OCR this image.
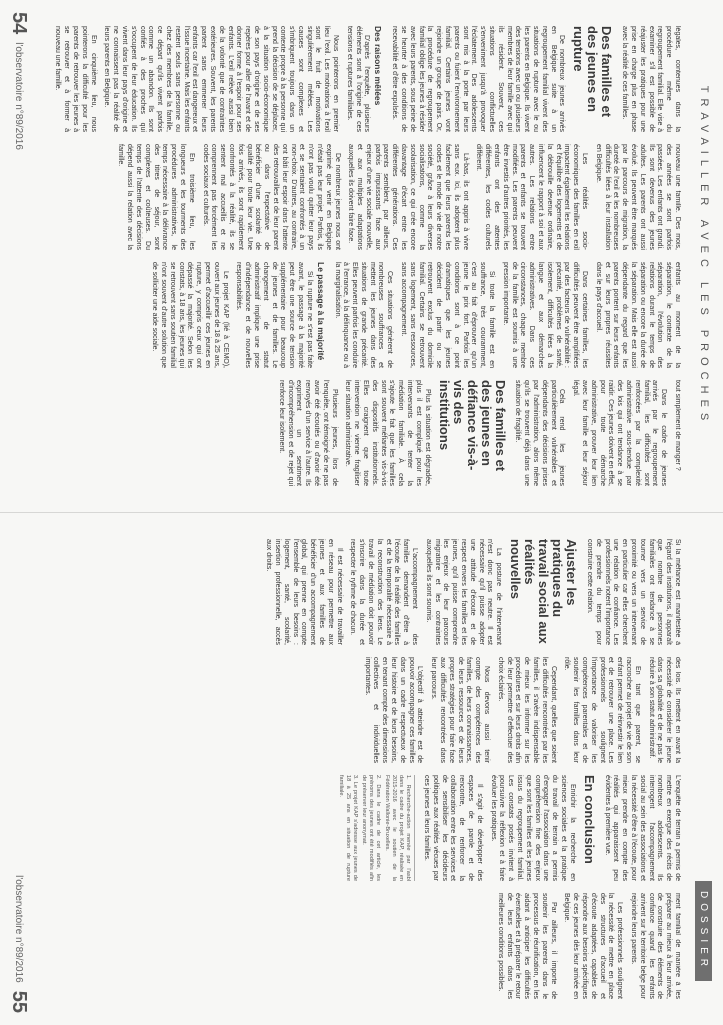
TRAVAILLER AVEC LES PROCHES

légales, contenues dans la procédure même du regroupement familial. Elle vise à examiner s'il est possible de réajuster les pratiques pour une prise en charge plus en phase avec la réalité de ces familles.

Des familles et des jeunes en rupture

De nombreux jeunes arrivés en Belgique suite à un regroupement familial vivent des situations de rupture avec le ou les parents en Belgique. Ils vivent des tensions avec un ou plusieurs membres de leur famille avec qui ils résident. Souvent, ces situations conflictuelles s'enveniment jusqu'à provoquer l'éclatement. Des adolescents sont mis à la porte par leurs parents ou fuient l'environnement familial. Certains jeunes vont rejoindre un groupe de pairs. Or, la procédure de regroupement familial oblige les jeunes à résider avec leurs parents, sous peine de se heurter à des conditions de recevabilité et d'être expulsés.

Des raisons mêlées

D'après l'enquête, plusieurs éléments sont à l'origine de ces tensions et ruptures familiales.

Nous pointerons en premier lieu l'exil. Les motivations à l'exil sont le fruit de motivations singulièrement mêlées. Les causes sont complexes et s'imbriquent toujours dans un contexte propre à la personne qui prend la décision de se déplacer, à la situation socio-économique de son pays d'origine et de ses repères pour aller de l'avant et de donner forme à l'espoir pour ses enfants. L'exil relève aussi bien de la volonté que de contraintes extérieures. Souvent, les parents partent sans emmener leurs enfants car l'exil est dangereux et l'issue incertaine. Mais les enfants restent seuls sans personne ou chez des membres de la famille, ce départ qu'ils vivent parfois comme un abandon. Ils sont confiés à des proches qui s'occupent de leur éducation. Ils vivent dans leur pays d'origine et ne connaissent pas la réalité de leurs parents en Belgique.

En cinquième lieu, nous pointerons la difficulté pour les parents de retrouver les jeunes à se retrouver et à former à nouveau une famille.

nouveau une famille. Des mois, des années se sont parfois passées. Les enfants ont grandi. Ils sont devenus des jeunes adultes. Les parents ont aussi évolué. Ils peuvent être marqués par le parcours de migration, la dureté de l'exil et les nombreuses difficultés liées à leur installation en Belgique.

Les réalités socio-économiques des familles en exil impactent également les relations et l'équilibre des logements et de la débrouille devenue ordinaire, influencent le rapport à soi et aux autres. Les relations entre parents et enfants se trouvent modifiées. Les parents peuvent être investis d'autres priorités, les enfants ont des attentes différentes, les codes culturels diffèrent.

Là-bas, ils ont appris à vivre sans eux. Ici, ils adoptent plus facilement que leurs parents les codes et le mode de vie de notre société, grâce à leurs diverses socialisations, comme la scolarisation, ce qui crée encore davantage d'écart entre les différentes générations. Ces parents semblent, par ailleurs, parfois impuissants face aux enjeux d'une vie sociale nouvelle, et aux multiples adaptations auxquelles ils doivent faire face.

De nombreux jeunes nous ont exprimé que venir en Belgique n'était pas leur projet. Parfois, ils n'ont pas voulu quitter leur pays et se sentaient confrontés à un non-choix. D'autres, au contraire, ont bâti leur espoir dans l'attente des retrouvailles et de leur parent ou dans l'expectative de bénéficier d'une scolarité de qualité pour toute leur vie. Une fois arrivés, ils sont rapidement confrontés à la réalité, ils se sentent mal accueillis et ne comprennent pas forcément les codes sociaux et culturels.

En troisième lieu, les longueurs et les tourments des procédures administratives, le temps nécessaire à la délivrance des titres de séjour, sont complexes et coûteuses. Du temps de l'attente des décisions dépend aussi la relation avec la famille.

enfants au moment de la séparation, le contexte de la séparation, l'évolution des relations durant le temps de séparation ou encore la durée de la séparation. Mais elle est aussi dépendante du regard que les parents portent sur leurs enfants et sur leurs propres réussites dans le pays d'accueil.

Dans certaines familles, les difficultés peuvent être amplifiées par des facteurs de vulnérabilité : précarité, problèmes de santé, isolement, difficultés liées à la langue et aux démarches administratives. Dans ces circonstances, chaque membre de la famille est soumis à une pression importante.

Si toute la famille est en souffrance, très couramment, c'est au fait d'éprouver qu'un jeune le prix fort. Parfois les conditions sont à ce point dramatiques que les jeunes décident de partir ou se retrouvent exclus du domicile familial. Certains se retrouvent sans logement, sans ressources, sans accompagnement.

Ces situations génèrent de nombreuses souffrances et mettent les jeunes dans des situations de grande précarité. Elles peuvent parfois les conduire à l'errance, à la délinquance ou à la marginalisation.

Le passage à la majorité

Si la rupture ne s'est pas faite avant, le passage à la majorité peut être une source de tension supplémentaire pour beaucoup de jeunes et de familles. Le changement de statut administratif implique une prise d'indépendance et de nouvelles responsabilités.

Le projet KAP (lié à CEMO), ouvert aux jeunes de 18 à 25 ans, permet d'accueillir ces jeunes en rupture, y compris ceux qui ont dépassé la majorité. Selon les constats, à 18 ans, les jeunes qui se retrouvent sans soutien familial n'ont souvent d'autre solution que de solliciter une aide sociale.

tout simplement de manger ?

Dans le cadre de jeunes arrivés par le regroupement familial, les difficultés sont renforcées par la complexité administrative sous-tendue par des lois qui ont tendance à se raidir. Ces jeunes doivent en effet, pour toute démarche administrative, prouver leur lien avec leur famille et leur séjour légal.

Cela rend les jeunes particulièrement vulnérables et dépendants des décisions prises par l'administration, alors même qu'ils se trouvent déjà dans une situation de fragilité.

Des familles et des jeunes en défiance vis-à-vis des institutions

Plus la situation est dégradée, plus il est compliqué pour les intervenants de tenter la médiation familiale. À cela s'ajoute le fait que les familles sont souvent méfiantes vis-à-vis des dispositifs institutionnels. Elles craignent que toute intervention ne vienne fragiliser leur situation administrative.

Plusieurs jeunes, lors de l'enquête, ont témoigné de ne pas avoir été écoutés ou d'avoir été renvoyés d'un service à l'autre. Ils expriment un sentiment d'incompréhension et de rejet qui renforce leur isolement.

54
l'observatoire n°89/2016
DOSSIER

Si la méfiance est manifestée à l'égard des institutions, il apparaît que nombre de personnes familiales ont tendance à se tourner vers un service de proximité ou vers un intervenant en particulier car elles cherchent une relation de confiance. Les professionnels notent l'importance de prendre du temps pour construire cette relation.

Ajuster les pratiques du travail social aux réalités nouvelles

La posture de l'intervenant n'est donc pas neutre. Il est nécessaire qu'il puisse adopter une attitude d'écoute et de respect envers les familles et les jeunes, qu'il puisse comprendre les enjeux de leur parcours migratoire et les contraintes auxquelles ils sont soumis.

L'accompagnement des familles demandent d'être à l'écoute de la réalité des familles et de la temporalité nécessaire à la reconstruction des liens. Le travail de médiation doit pouvoir s'inscrire dans la durée et respecter le rythme de chacun.

Il est nécessaire de travailler en réseau pour permettre aux jeunes et aux familles de bénéficier d'un accompagnement global, qui prenne en compte l'ensemble de leurs besoins : logement, santé, scolarité, insertion professionnelle, accès aux droits.

des lois. Ils mettent en avant la nécessité de considérer le jeune dans sa globalité et de ne pas le réduire à son statut administratif.

En tant que parent, se raccrocher au projet de vie de son enfant permet de réinvestir le lien et de retrouver une place. Les professionnels soulignent l'importance de valoriser les compétences parentales et de soutenir les familles dans leur rôle.

Cependant, quelles que soient les difficultés rencontrées par les familles, il s'avère indispensable de mieux les informer sur les procédures et sur leurs droits afin de leur permettre d'effectuer des choix éclairés.

Nous devons aussi tenir compte des compétences des familles, de leurs connaissances, de leurs ressources et de leurs propres stratégies pour faire face aux difficultés rencontrées dans leur parcours.

L'objectif à atteindre est de pouvoir accompagner ces familles dans un cadre respectueux de leur histoire et de leurs besoins, en tenant compte des dimensions collectives et individuelles importantes.

L'enquête de terrain a permis de mettre en exergue des récits de nombreux adolescents. Ils interrogent l'accompagnement social au sein des associations et la nécessité d'être à l'écoute, pour mieux prendre en compte des réalités qui apparaissent peu évidentes à première vue.

En conclusion

Enrichir la recherche en sciences sociales et la pratique du travail de terrain a permis d'engager l'association dans une compréhension fine des enjeux que sont les familles et les jeunes issus du regroupement familial. Les constats posés invitent à poursuivre la réflexion et à faire évoluer les pratiques.

Il s'agit de développer des espaces de parole et de rencontre, de renforcer la collaboration entre les services et de sensibiliser les décideurs politiques aux réalités vécues par ces jeunes et leurs familles.

1. Recherche-action menée par l'asbl dans le cadre du projet KAP, réalisée en 2015-2016 avec le soutien de la Fédération Wallonie-Bruxelles.

2. Dans le cadre de cet article, les prénoms des jeunes ont été modifiés afin de préserver leur anonymat.

3. Le projet KAP s'adresse aux jeunes de 18 à 25 ans en situation de rupture familiale.

ment familial de manière à les préparer au mieux à leur arrivée, de construire des éléments de confiance quand les enfants arrivent sur le territoire belge pour rejoindre leurs parents.

Les professionnels soulignent la nécessité de mettre en place des structures d'accueil et d'écoute adaptées, capables de répondre aux besoins spécifiques de ces jeunes dès leur arrivée en Belgique.

Par ailleurs, il importe de soutenir les parents dans le processus de réunification, en les aidant à anticiper les difficultés éventuelles et à préparer le retour de leurs enfants dans les meilleures conditions possibles.

l'observatoire n°89/2016
55
